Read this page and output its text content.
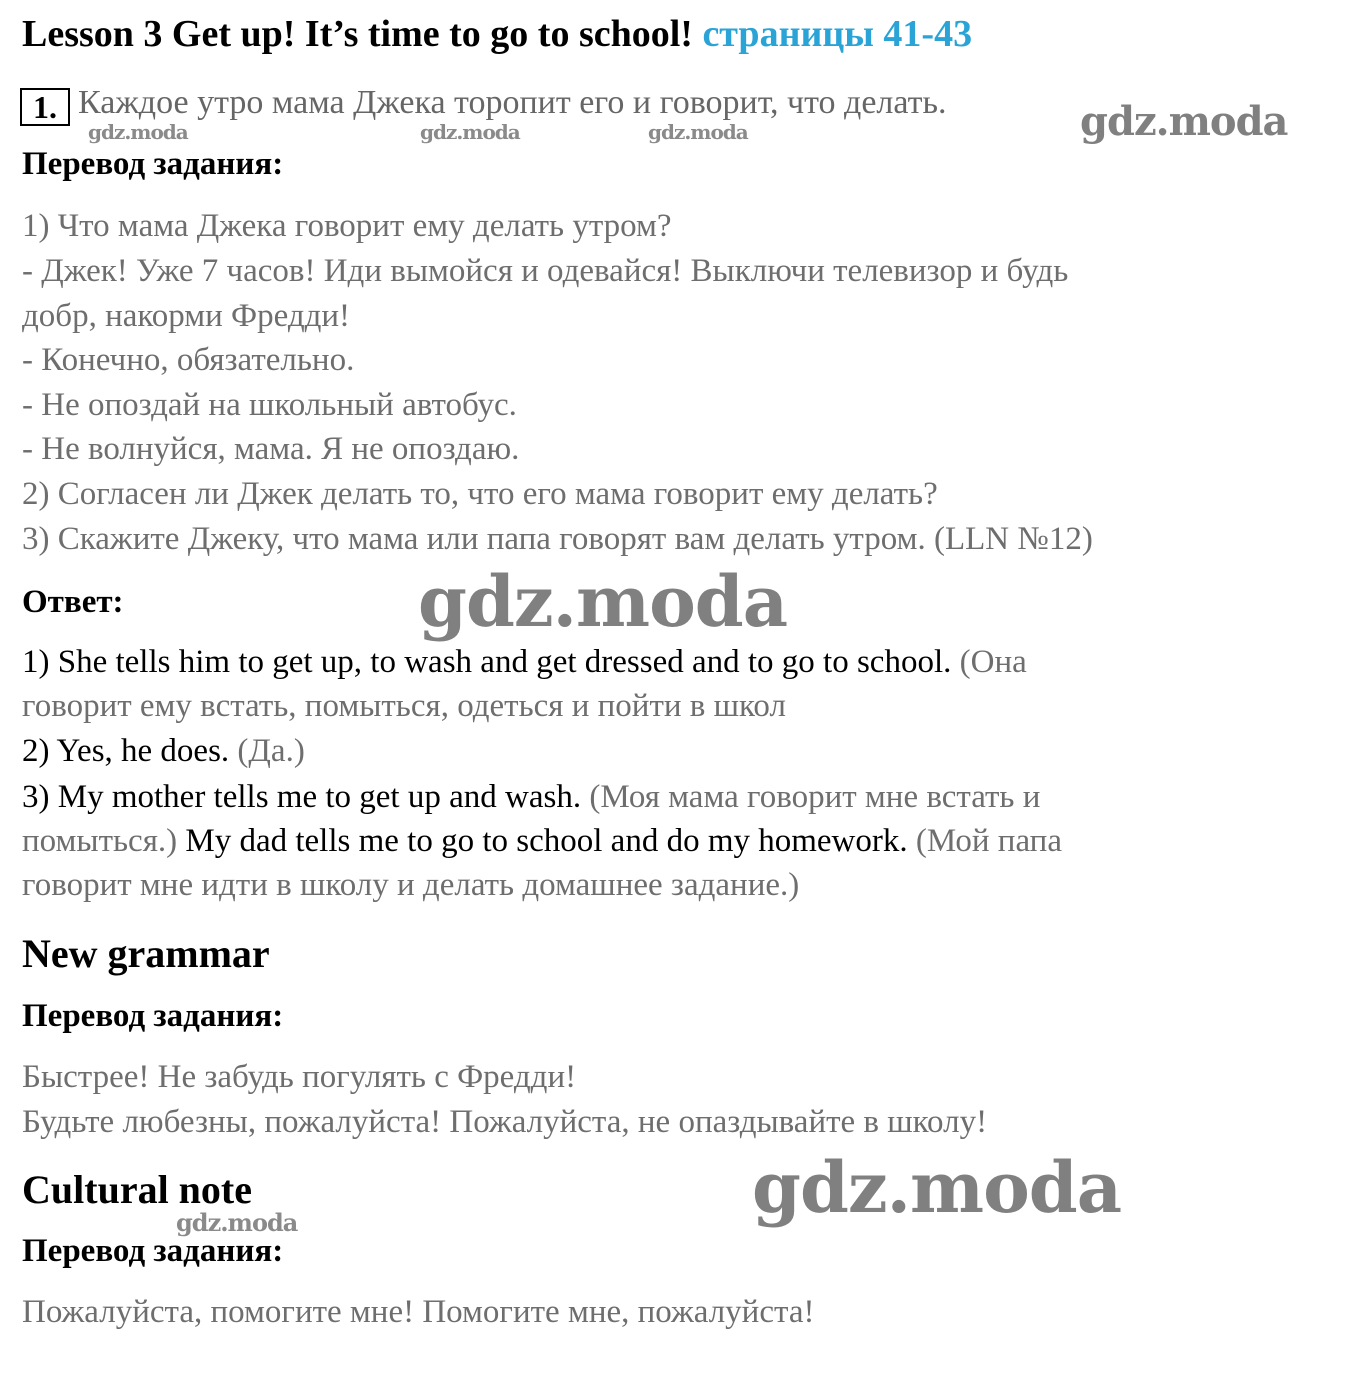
Lesson 3 Get up! It’s time to go to school! страницы 41-43
1. Каждое утро мама Джека торопит его и говорит, что делать.
gdz.moda	gdz.moda	gdz.moda	gdz.moda
Перевод задания:
1) Что мама Джека говорит ему делать утром?
- Джек! Уже 7 часов! Иди вымойся и одевайся! Выключи телевизор и будь
добр, накорми Фредди!
- Конечно, обязательно.
- Не опоздай на школьный автобус.
- Не волнуйся, мама. Я не опоздаю.
2) Согласен ли Джек делать то, что его мама говорит ему делать?
3) Скажите Джеку, что мама или папа говорят вам делать утром. (LLN №12)
Ответ:	gdz.moda
1) She tells him to get up, to wash and get dressed and to go to school. (Она
говорит ему встать, помыться, одеться и пойти в школ
2) Yes, he does. (Да.)
3) My mother tells me to get up and wash. (Моя мама говорит мне встать и
помыться.) My dad tells me to go to school and do my homework. (Мой папа
говорит мне идти в школу и делать домашнее задание.)
New grammar
Перевод задания:
Быстрее! Не забудь погулять с Фредди!
Будьте любезны, пожалуйста! Пожалуйста, не опаздывайте в школу!
gdz.moda
Cultural note
gdz.moda
Перевод задания:
Пожалуйста, помогите мне! Помогите мне, пожалуйста!
